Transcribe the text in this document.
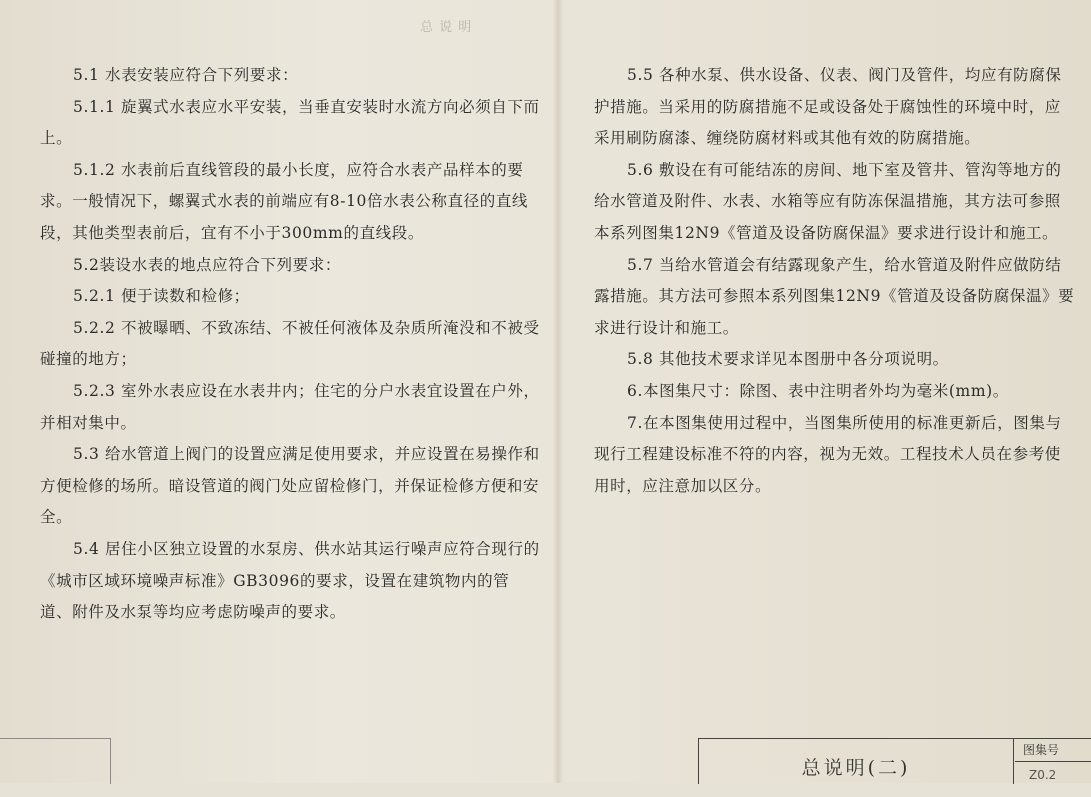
总 说 明

5.1 水表安装应符合下列要求：

5.1.1 旋翼式水表应水平安装，当垂直安装时水流方向必须自下而上。

5.1.2 水表前后直线管段的最小长度，应符合水表产品样本的要求。一般情况下，螺翼式水表的前端应有8-10倍水表公称直径的直线段，其他类型表前后，宜有不小于300mm的直线段。

5.2装设水表的地点应符合下列要求：

5.2.1 便于读数和检修；

5.2.2 不被曝晒、不致冻结、不被任何液体及杂质所淹没和不被受碰撞的地方；

5.2.3 室外水表应设在水表井内；住宅的分户水表宜设置在户外，并相对集中。

5.3 给水管道上阀门的设置应满足使用要求，并应设置在易操作和方便检修的场所。暗设管道的阀门处应留检修门，并保证检修方便和安全。

5.4 居住小区独立设置的水泵房、供水站其运行噪声应符合现行的《城市区域环境噪声标准》GB3096的要求，设置在建筑物内的管道、附件及水泵等均应考虑防噪声的要求。

5.5 各种水泵、供水设备、仪表、阀门及管件，均应有防腐保护措施。当采用的防腐措施不足或设备处于腐蚀性的环境中时，应采用刷防腐漆、缠绕防腐材料或其他有效的防腐措施。

5.6 敷设在有可能结冻的房间、地下室及管井、管沟等地方的给水管道及附件、水表、水箱等应有防冻保温措施，其方法可参照本系列图集12N9《管道及设备防腐保温》要求进行设计和施工。

5.7 当给水管道会有结露现象产生，给水管道及附件应做防结露措施。其方法可参照本系列图集12N9《管道及设备防腐保温》要求进行设计和施工。

5.8 其他技术要求详见本图册中各分项说明。

6.本图集尺寸：除图、表中注明者外均为毫米(mm)。

7.在本图集使用过程中，当图集所使用的标准更新后，图集与现行工程建设标准不符的内容，视为无效。工程技术人员在参考使用时，应注意加以区分。

总说明(二)
图集号
Z0.2
